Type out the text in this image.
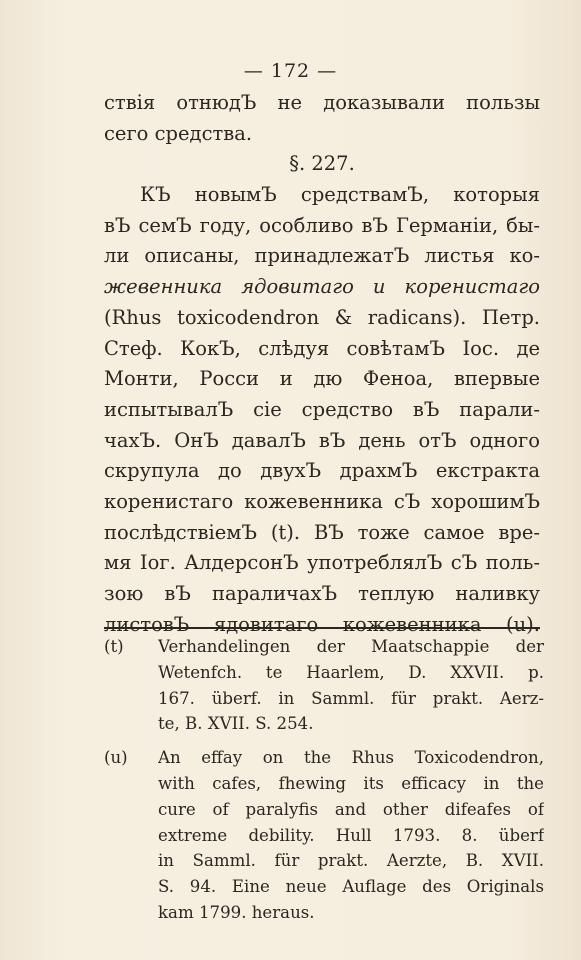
— 172 —
ствія отнюдЪ не доказывали пользы
сего средства.
§. 227.
КЪ новымЪ средствамЪ, которыя
вЪ семЪ году, особливо вЪ Германіи, бы-
ли описаны, принадлежатЪ листья ко-
жевенника ядовитаго и коренистаго
(Rhus toxicodendron & radicans). Петр.
Стеф. КокЪ, слѣдуя совѣтамЪ Іос. де
Монти, Росси и дю Феноа, впервые
испытывалЪ сіе средство вЪ парали-
чахЪ. ОнЪ давалЪ вЪ день отЪ одного
скрупула до двухЪ драхмЪ екстракта
коренистаго кожевенника сЪ хорошимЪ
послѣдствіемЪ (t). ВЪ тоже самое вре-
мя Іог. АлдерсонЪ употреблялЪ сЪ поль-
зою вЪ параличахЪ теплую наливку
листовЪ ядовитаго кожевенника (u).
(t) Verhandelingen der Maatschappie der
Wetenfch. te Haarlem, D. XXVII. p.
167. überf. in Samml. für prakt. Aerz-
te, B. XVII. S. 254.
(u) An effay on the Rhus Toxicodendron,
with cafes, fhewing its efficacy in the
cure of paralyfis and other difeafes of
extreme debility. Hull 1793. 8. überf
in Samml. für prakt. Aerzte, B. XVII.
S. 94. Eine neue Auflage des Originals
kam 1799. heraus.
